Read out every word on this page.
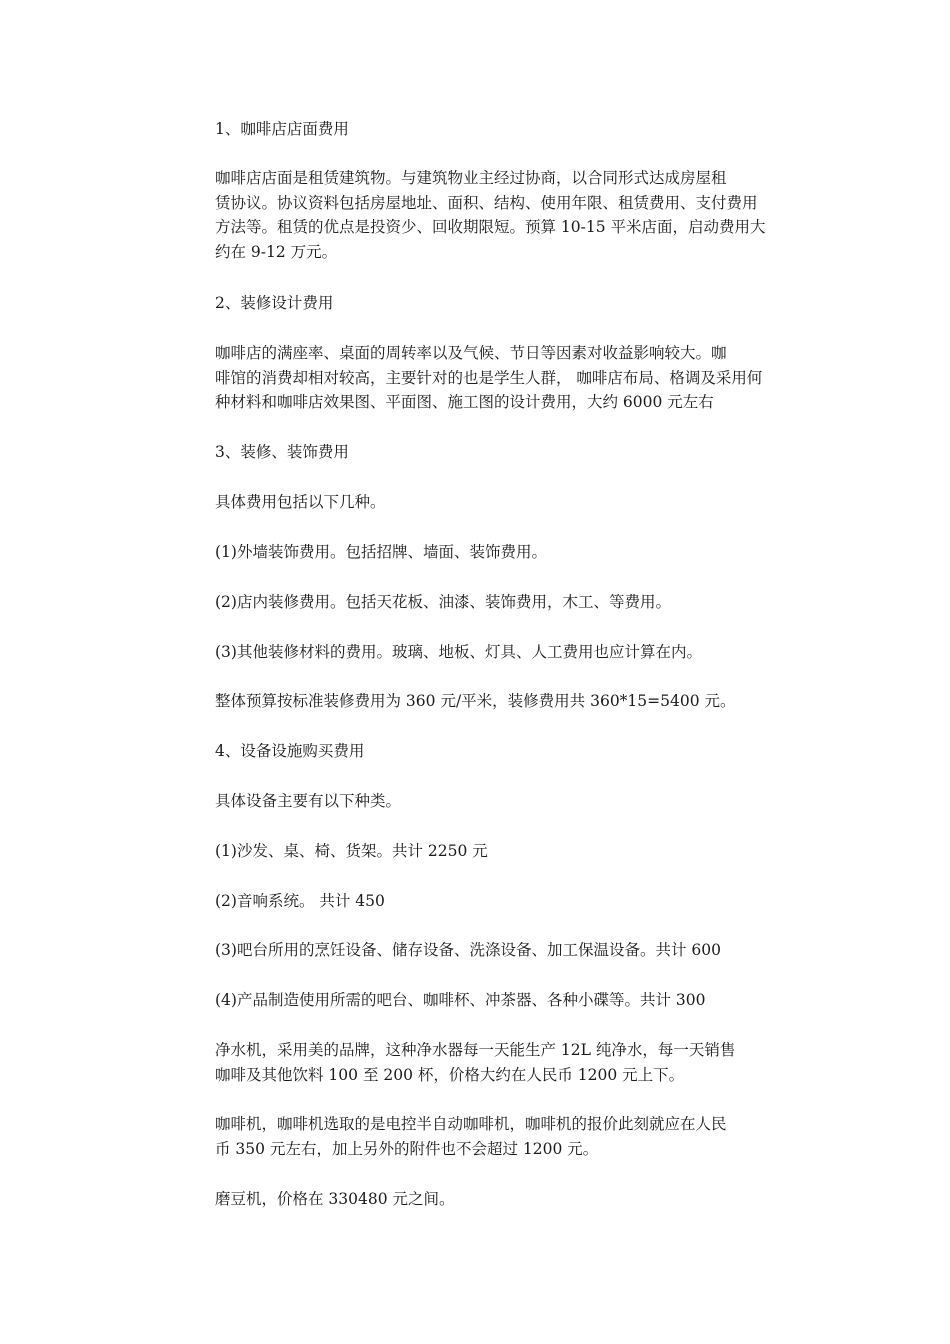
1、咖啡店店面费用

咖啡店店面是租赁建筑物。与建筑物业主经过协商，以合同形式达成房屋租
赁协议。协议资料包括房屋地址、面积、结构、使用年限、租赁费用、支付费用
方法等。租赁的优点是投资少、回收期限短。预算 10-15 平米店面，启动费用大
约在 9-12 万元。

2、装修设计费用

咖啡店的满座率、桌面的周转率以及气候、节日等因素对收益影响较大。咖
啡馆的消费却相对较高，主要针对的也是学生人群， 咖啡店布局、格调及采用何
种材料和咖啡店效果图、平面图、施工图的设计费用，大约 6000 元左右

3、装修、装饰费用

具体费用包括以下几种。

(1)外墙装饰费用。包括招牌、墙面、装饰费用。

(2)店内装修费用。包括天花板、油漆、装饰费用，木工、等费用。

(3)其他装修材料的费用。玻璃、地板、灯具、人工费用也应计算在内。

整体预算按标准装修费用为 360 元/平米，装修费用共 360*15=5400 元。

4、设备设施购买费用

具体设备主要有以下种类。

(1)沙发、桌、椅、货架。共计 2250 元

(2)音响系统。 共计 450

(3)吧台所用的烹饪设备、储存设备、洗涤设备、加工保温设备。共计 600

(4)产品制造使用所需的吧台、咖啡杯、冲茶器、各种小碟等。共计 300

净水机，采用美的品牌，这种净水器每一天能生产 12L 纯净水，每一天销售
咖啡及其他饮料 100 至 200 杯，价格大约在人民币 1200 元上下。

咖啡机，咖啡机选取的是电控半自动咖啡机，咖啡机的报价此刻就应在人民
币 350 元左右，加上另外的附件也不会超过 1200 元。

磨豆机，价格在 330480 元之间。
